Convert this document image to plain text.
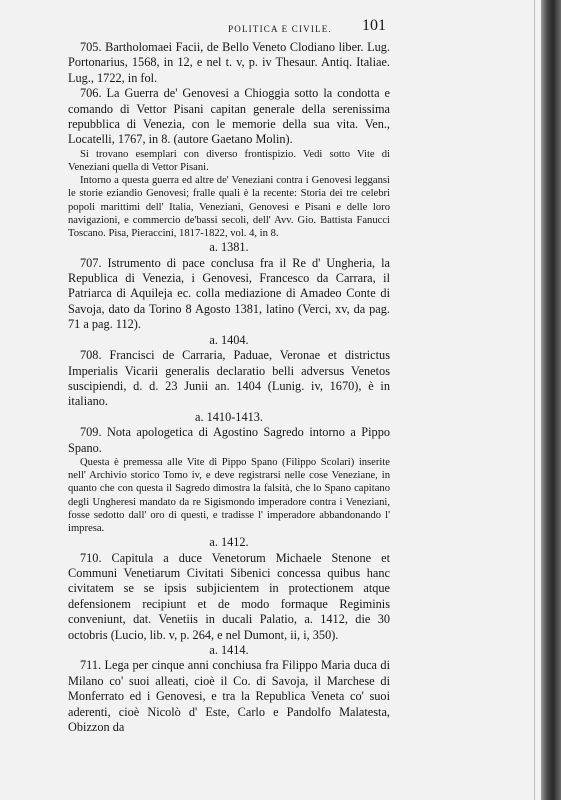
POLITICA E CIVILE.	101

705. Bartholomaei Facii, de Bello Veneto Clodiano liber. Lug. Portonarius, 1568, in 12, e nel t. v, p. iv Thesaur. Antiq. Italiae. Lug., 1722, in fol.

706. La Guerra de' Genovesi a Chioggia sotto la condotta e comando di Vettor Pisani capitan generale della serenissima repubblica di Venezia, con le memorie della sua vita. Ven., Locatelli, 1767, in 8. (autore Gaetano Molin).

Si trovano esemplari con diverso frontispizio. Vedi sotto Vite di Veneziani quella di Vettor Pisani.

Intorno a questa guerra ed altre de' Veneziani contra i Genovesi leggansi le storie eziandio Genovesi; fralle quali è la recente: Storia dei tre celebri popoli marittimi dell' Italia, Veneziani, Genovesi e Pisani e delle loro navigazioni, e commercio de'bassi secoli, dell' Avv. Gio. Battista Fanucci Toscano. Pisa, Pieraccini, 1817-1822, vol. 4, in 8.

a. 1381.

707. Istrumento di pace conclusa fra il Re d' Ungheria, la Republica di Venezia, i Genovesi, Francesco da Carrara, il Patriarca di Aquileja ec. colla mediazione di Amadeo Conte di Savoja, dato da Torino 8 Agosto 1381, latino (Verci, xv, da pag. 71 a pag. 112).

a. 1404.

708. Francisci de Carraria, Paduae, Veronae et districtus Imperialis Vicarii generalis declaratio belli adversus Venetos suscipiendi, d. d. 23 Junii an. 1404 (Lunig. iv, 1670), è in italiano.

a. 1410-1413.

709. Nota apologetica di Agostino Sagredo intorno a Pippo Spano.

Questa è premessa alle Vite di Pippo Spano (Filippo Scolari) inserite nell' Archivio storico Tomo iv, e deve registrarsi nelle cose Veneziane, in quanto che con questa il Sagredo dimostra la falsità, che lo Spano capitano degli Ungheresi mandato da re Sigismondo imperadore contra i Veneziani, fosse sedotto dall' oro di questi, e tradisse l' imperadore abbandonando l' impresa.

a. 1412.

710. Capitula a duce Venetorum Michaele Stenone et Communi Venetiarum Civitati Sibenici concessa quibus hanc civitatem se se ipsis subjicientem in protectionem atque defensionem recipiunt et de modo formaque Regiminis conveniunt, dat. Venetiis in ducali Palatio, a. 1412, die 30 octobris (Lucio, lib. v, p. 264, e nel Dumont, ii, i, 350).

a. 1414.

711. Lega per cinque anni conchiusa fra Filippo Maria duca di Milano co' suoi alleati, cioè il Co. di Savoja, il Marchese di Monferrato ed i Genovesi, e tra la Republica Veneta co' suoi aderenti, cioè Nicolò d' Este, Carlo e Pandolfo Malatesta, Obizzon da
